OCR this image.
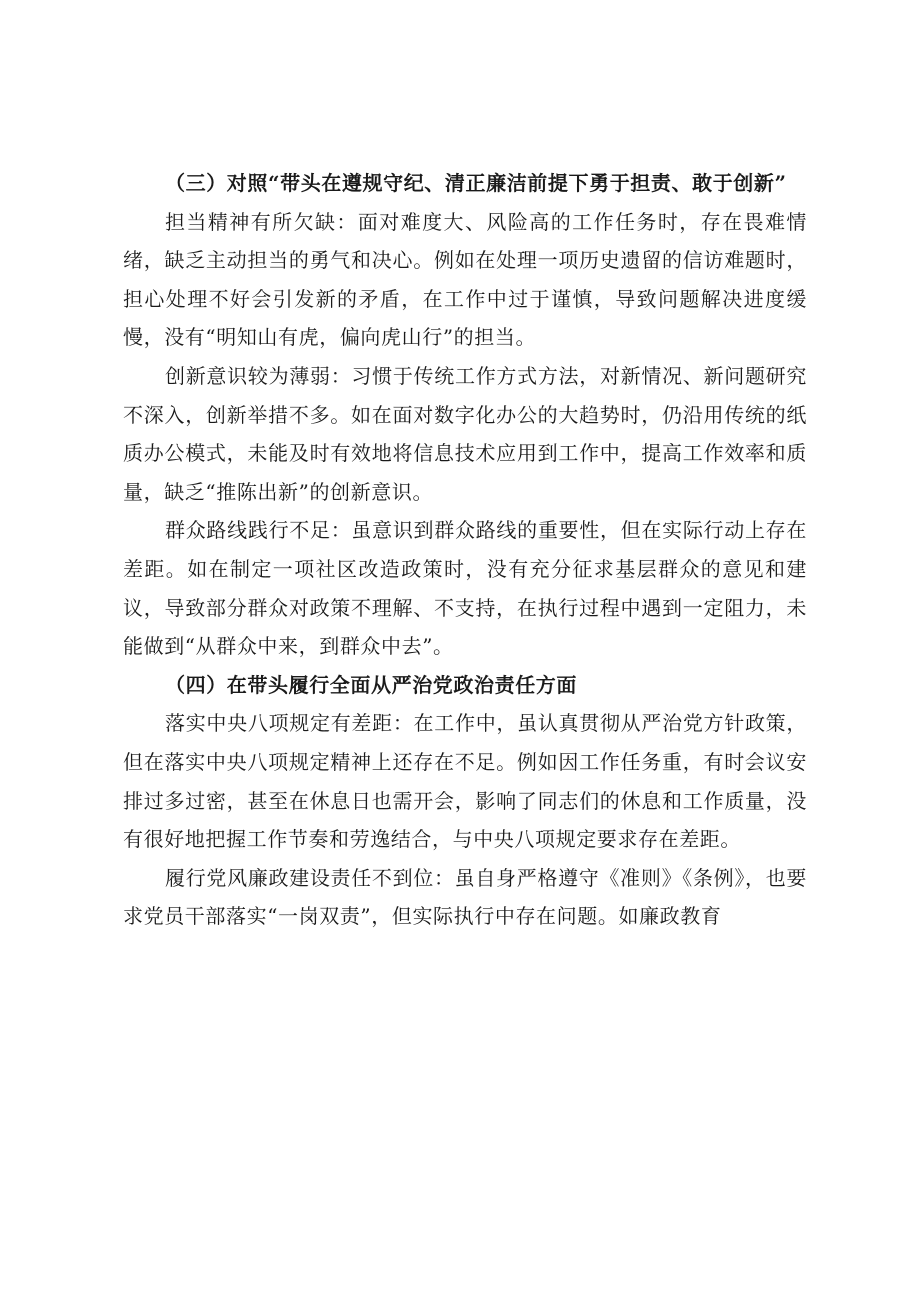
（三）对照“带头在遵规守纪、清正廉洁前提下勇于担责、敢于创新”

担当精神有所欠缺：面对难度大、风险高的工作任务时，存在畏难情绪，缺乏主动担当的勇气和决心。例如在处理一项历史遗留的信访难题时，担心处理不好会引发新的矛盾，在工作中过于谨慎，导致问题解决进度缓慢，没有“明知山有虎，偏向虎山行”的担当。

创新意识较为薄弱：习惯于传统工作方式方法，对新情况、新问题研究不深入，创新举措不多。如在面对数字化办公的大趋势时，仍沿用传统的纸质办公模式，未能及时有效地将信息技术应用到工作中，提高工作效率和质量，缺乏“推陈出新”的创新意识。

群众路线践行不足：虽意识到群众路线的重要性，但在实际行动上存在差距。如在制定一项社区改造政策时，没有充分征求基层群众的意见和建议，导致部分群众对政策不理解、不支持，在执行过程中遇到一定阻力，未能做到“从群众中来，到群众中去”。

（四）在带头履行全面从严治党政治责任方面

落实中央八项规定有差距：在工作中，虽认真贯彻从严治党方针政策，但在落实中央八项规定精神上还存在不足。例如因工作任务重，有时会议安排过多过密，甚至在休息日也需开会，影响了同志们的休息和工作质量，没有很好地把握工作节奏和劳逸结合，与中央八项规定要求存在差距。

履行党风廉政建设责任不到位：虽自身严格遵守《准则》《条例》，也要求党员干部落实“一岗双责”，但实际执行中存在问题。如廉政教育
